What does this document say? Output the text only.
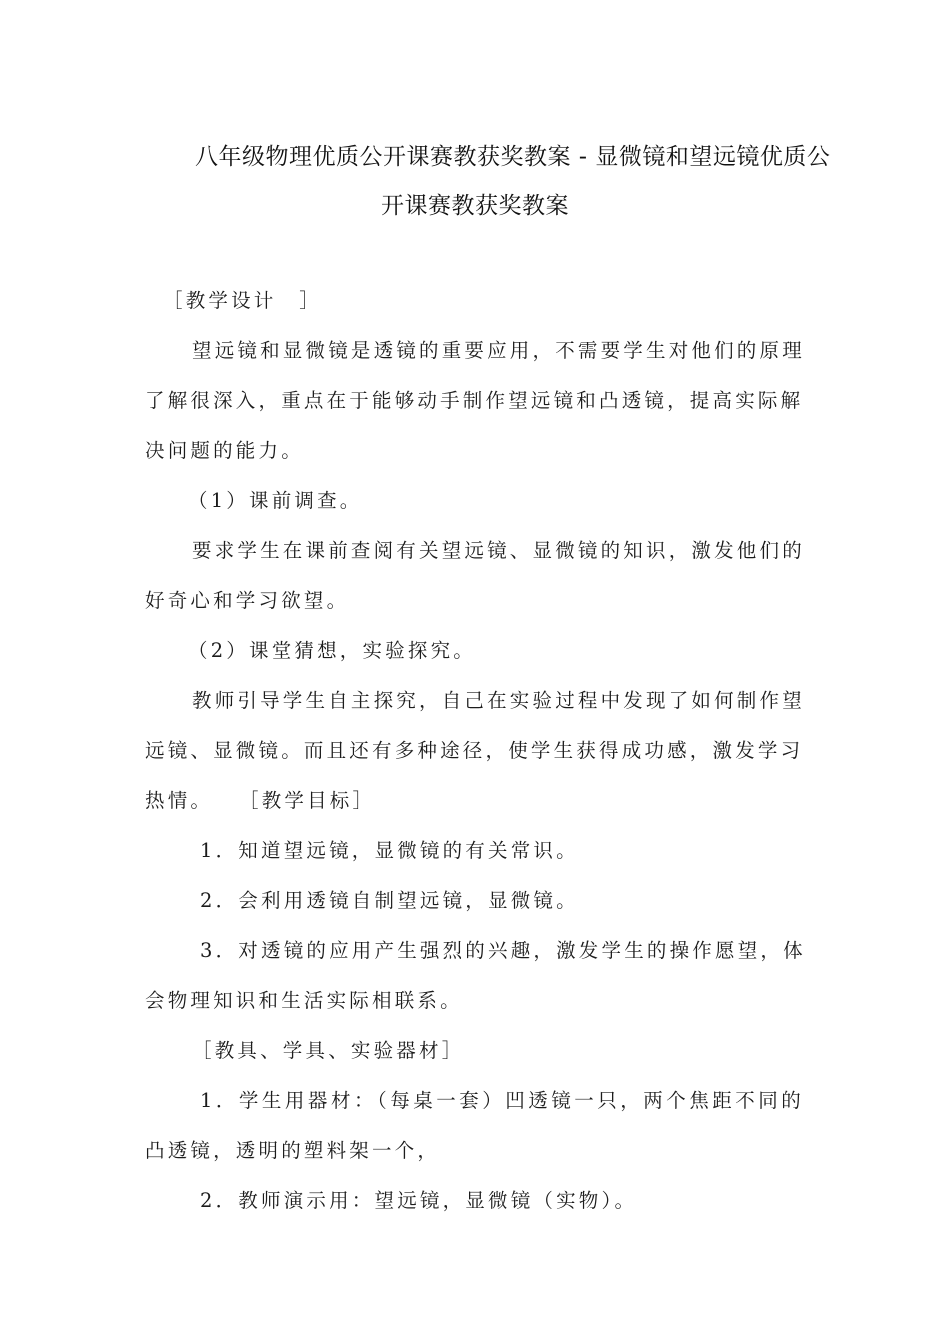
八年级物理优质公开课赛教获奖教案 - 显微镜和望远镜优质公
开课赛教获奖教案
［教学设计　］
望远镜和显微镜是透镜的重要应用，不需要学生对他们的原理
了解很深入，重点在于能够动手制作望远镜和凸透镜，提高实际解
决问题的能力。
（1）课前调查。
要求学生在课前查阅有关望远镜、显微镜的知识，激发他们的
好奇心和学习欲望。
（2）课堂猜想，实验探究。
教师引导学生自主探究，自己在实验过程中发现了如何制作望
远镜、显微镜。而且还有多种途径，使学生获得成功感，激发学习
热情。　　［教学目标］
1．知道望远镜，显微镜的有关常识。
2．会利用透镜自制望远镜，显微镜。
3．对透镜的应用产生强烈的兴趣，激发学生的操作愿望，体
会物理知识和生活实际相联系。
［教具、学具、实验器材］
1．学生用器材：（每桌一套）凹透镜一只，两个焦距不同的
凸透镜，透明的塑料架一个，
2．教师演示用：望远镜，显微镜（实物）。
